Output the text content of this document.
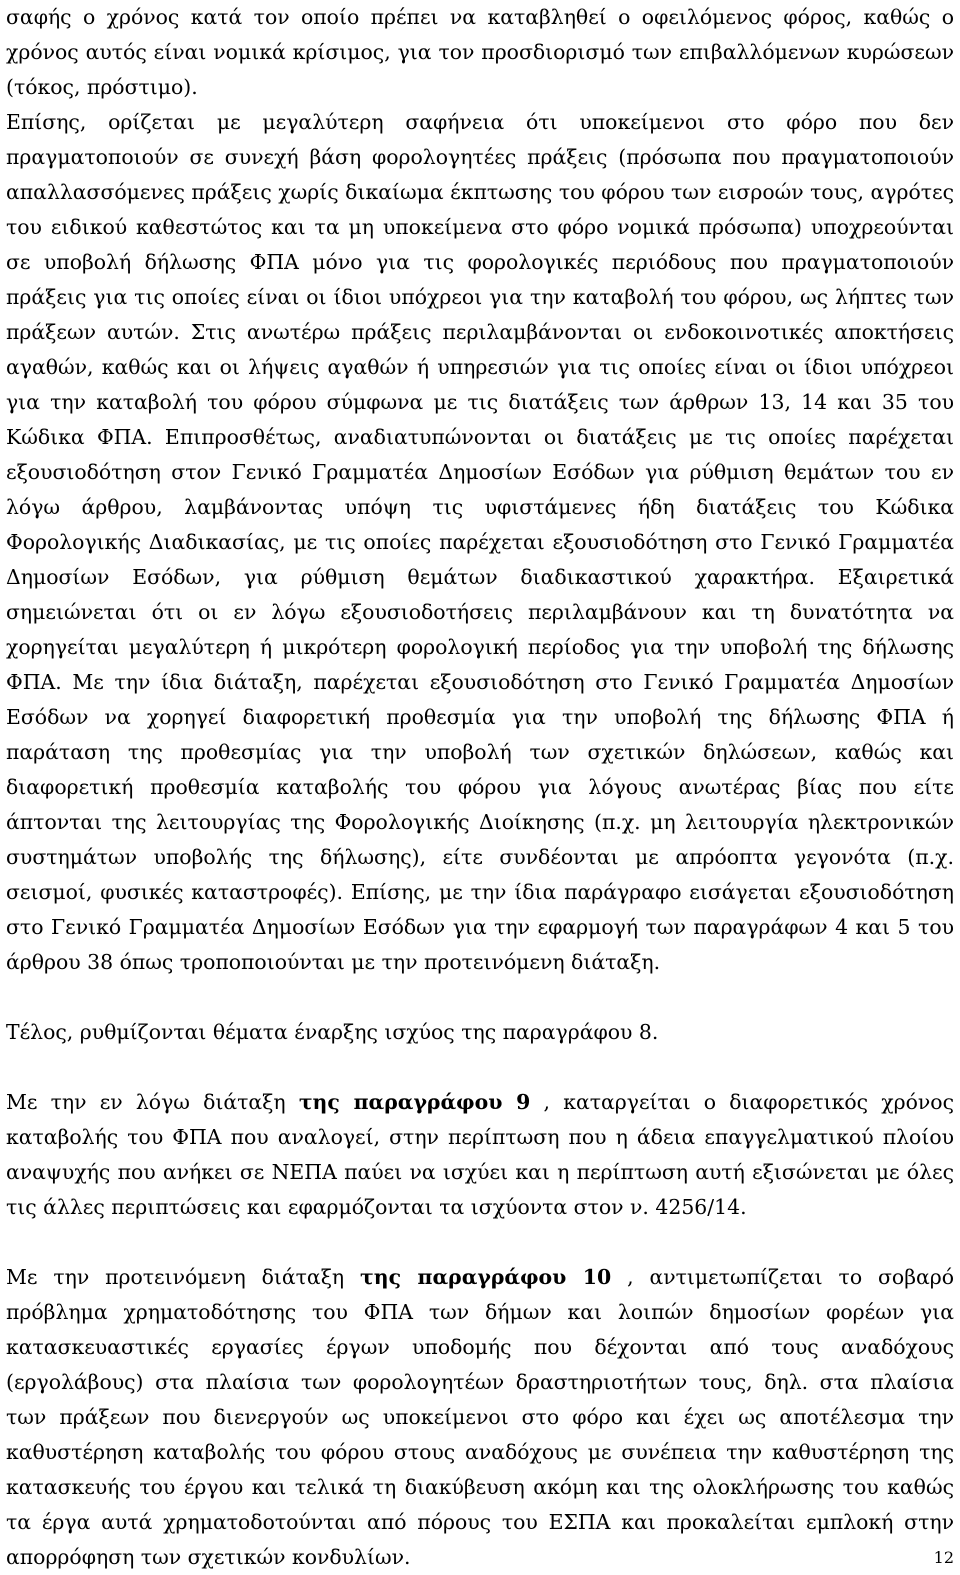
σαφής ο χρόνος κατά τον οποίο πρέπει να καταβληθεί ο οφειλόμενος φόρος, καθώς ο χρόνος αυτός είναι νομικά κρίσιμος, για τον προσδιορισμό των επιβαλλόμενων κυρώσεων (τόκος, πρόστιμο).

Επίσης, ορίζεται με μεγαλύτερη σαφήνεια ότι υποκείμενοι στο φόρο που δεν πραγματοποιούν σε συνεχή βάση φορολογητέες πράξεις (πρόσωπα που πραγματοποιούν απαλλασσόμενες πράξεις χωρίς δικαίωμα έκπτωσης του φόρου των εισροών τους, αγρότες του ειδικού καθεστώτος και τα μη υποκείμενα στο φόρο νομικά πρόσωπα) υποχρεούνται σε υποβολή δήλωσης ΦΠΑ μόνο για τις φορολογικές περιόδους που πραγματοποιούν πράξεις για τις οποίες είναι οι ίδιοι υπόχρεοι για την καταβολή του φόρου, ως λήπτες των πράξεων αυτών. Στις ανωτέρω πράξεις περιλαμβάνονται οι ενδοκοινοτικές αποκτήσεις αγαθών, καθώς και οι λήψεις αγαθών ή υπηρεσιών για τις οποίες είναι οι ίδιοι υπόχρεοι για την καταβολή του φόρου σύμφωνα με τις διατάξεις των άρθρων 13, 14 και 35 του Κώδικα ΦΠΑ. Επιπροσθέτως, αναδιατυπώνονται οι διατάξεις με τις οποίες παρέχεται εξουσιοδότηση στον Γενικό Γραμματέα Δημοσίων Εσόδων για ρύθμιση θεμάτων του εν λόγω άρθρου, λαμβάνοντας υπόψη τις υφιστάμενες ήδη διατάξεις του Κώδικα Φορολογικής Διαδικασίας, με τις οποίες παρέχεται εξουσιοδότηση στο Γενικό Γραμματέα Δημοσίων Εσόδων, για ρύθμιση θεμάτων διαδικαστικού χαρακτήρα. Εξαιρετικά σημειώνεται ότι οι εν λόγω εξουσιοδοτήσεις περιλαμβάνουν και τη δυνατότητα να χορηγείται μεγαλύτερη ή μικρότερη φορολογική περίοδος για την υποβολή της δήλωσης ΦΠΑ. Με την ίδια διάταξη, παρέχεται εξουσιοδότηση στο Γενικό Γραμματέα Δημοσίων Εσόδων να χορηγεί διαφορετική προθεσμία για την υποβολή της δήλωσης ΦΠΑ ή παράταση της προθεσμίας για την υποβολή των σχετικών δηλώσεων, καθώς και διαφορετική προθεσμία καταβολής του φόρου για λόγους ανωτέρας βίας που είτε άπτονται της λειτουργίας της Φορολογικής Διοίκησης (π.χ. μη λειτουργία ηλεκτρονικών συστημάτων υποβολής της δήλωσης), είτε συνδέονται με απρόοπτα γεγονότα (π.χ. σεισμοί, φυσικές καταστροφές). Επίσης, με την ίδια παράγραφο εισάγεται εξουσιοδότηση στο Γενικό Γραμματέα Δημοσίων Εσόδων για την εφαρμογή των παραγράφων 4 και 5 του άρθρου 38 όπως τροποποιούνται με την προτεινόμενη διάταξη.

Τέλος, ρυθμίζονται θέματα έναρξης ισχύος της παραγράφου 8.

Με την εν λόγω διάταξη της παραγράφου 9 , καταργείται ο διαφορετικός χρόνος καταβολής του ΦΠΑ που αναλογεί, στην περίπτωση που η άδεια επαγγελματικού πλοίου αναψυχής που ανήκει σε ΝΕΠΑ παύει να ισχύει και η περίπτωση αυτή εξισώνεται με όλες τις άλλες περιπτώσεις και εφαρμόζονται τα ισχύοντα στον ν. 4256/14.

Με την προτεινόμενη διάταξη της παραγράφου 10 , αντιμετωπίζεται το σοβαρό πρόβλημα χρηματοδότησης του ΦΠΑ των δήμων και λοιπών δημοσίων φορέων για κατασκευαστικές εργασίες έργων υποδομής που δέχονται από τους αναδόχους (εργολάβους) στα πλαίσια των φορολογητέων δραστηριοτήτων τους, δηλ. στα πλαίσια των πράξεων που διενεργούν ως υποκείμενοι στο φόρο και έχει ως αποτέλεσμα την καθυστέρηση καταβολής του φόρου στους αναδόχους με συνέπεια την καθυστέρηση της κατασκευής του έργου και τελικά τη διακύβευση ακόμη και της ολοκλήρωσης του καθώς τα έργα αυτά χρηματοδοτούνται από πόρους του ΕΣΠΑ και προκαλείται εμπλοκή στην απορρόφηση των σχετικών κονδυλίων.	12
